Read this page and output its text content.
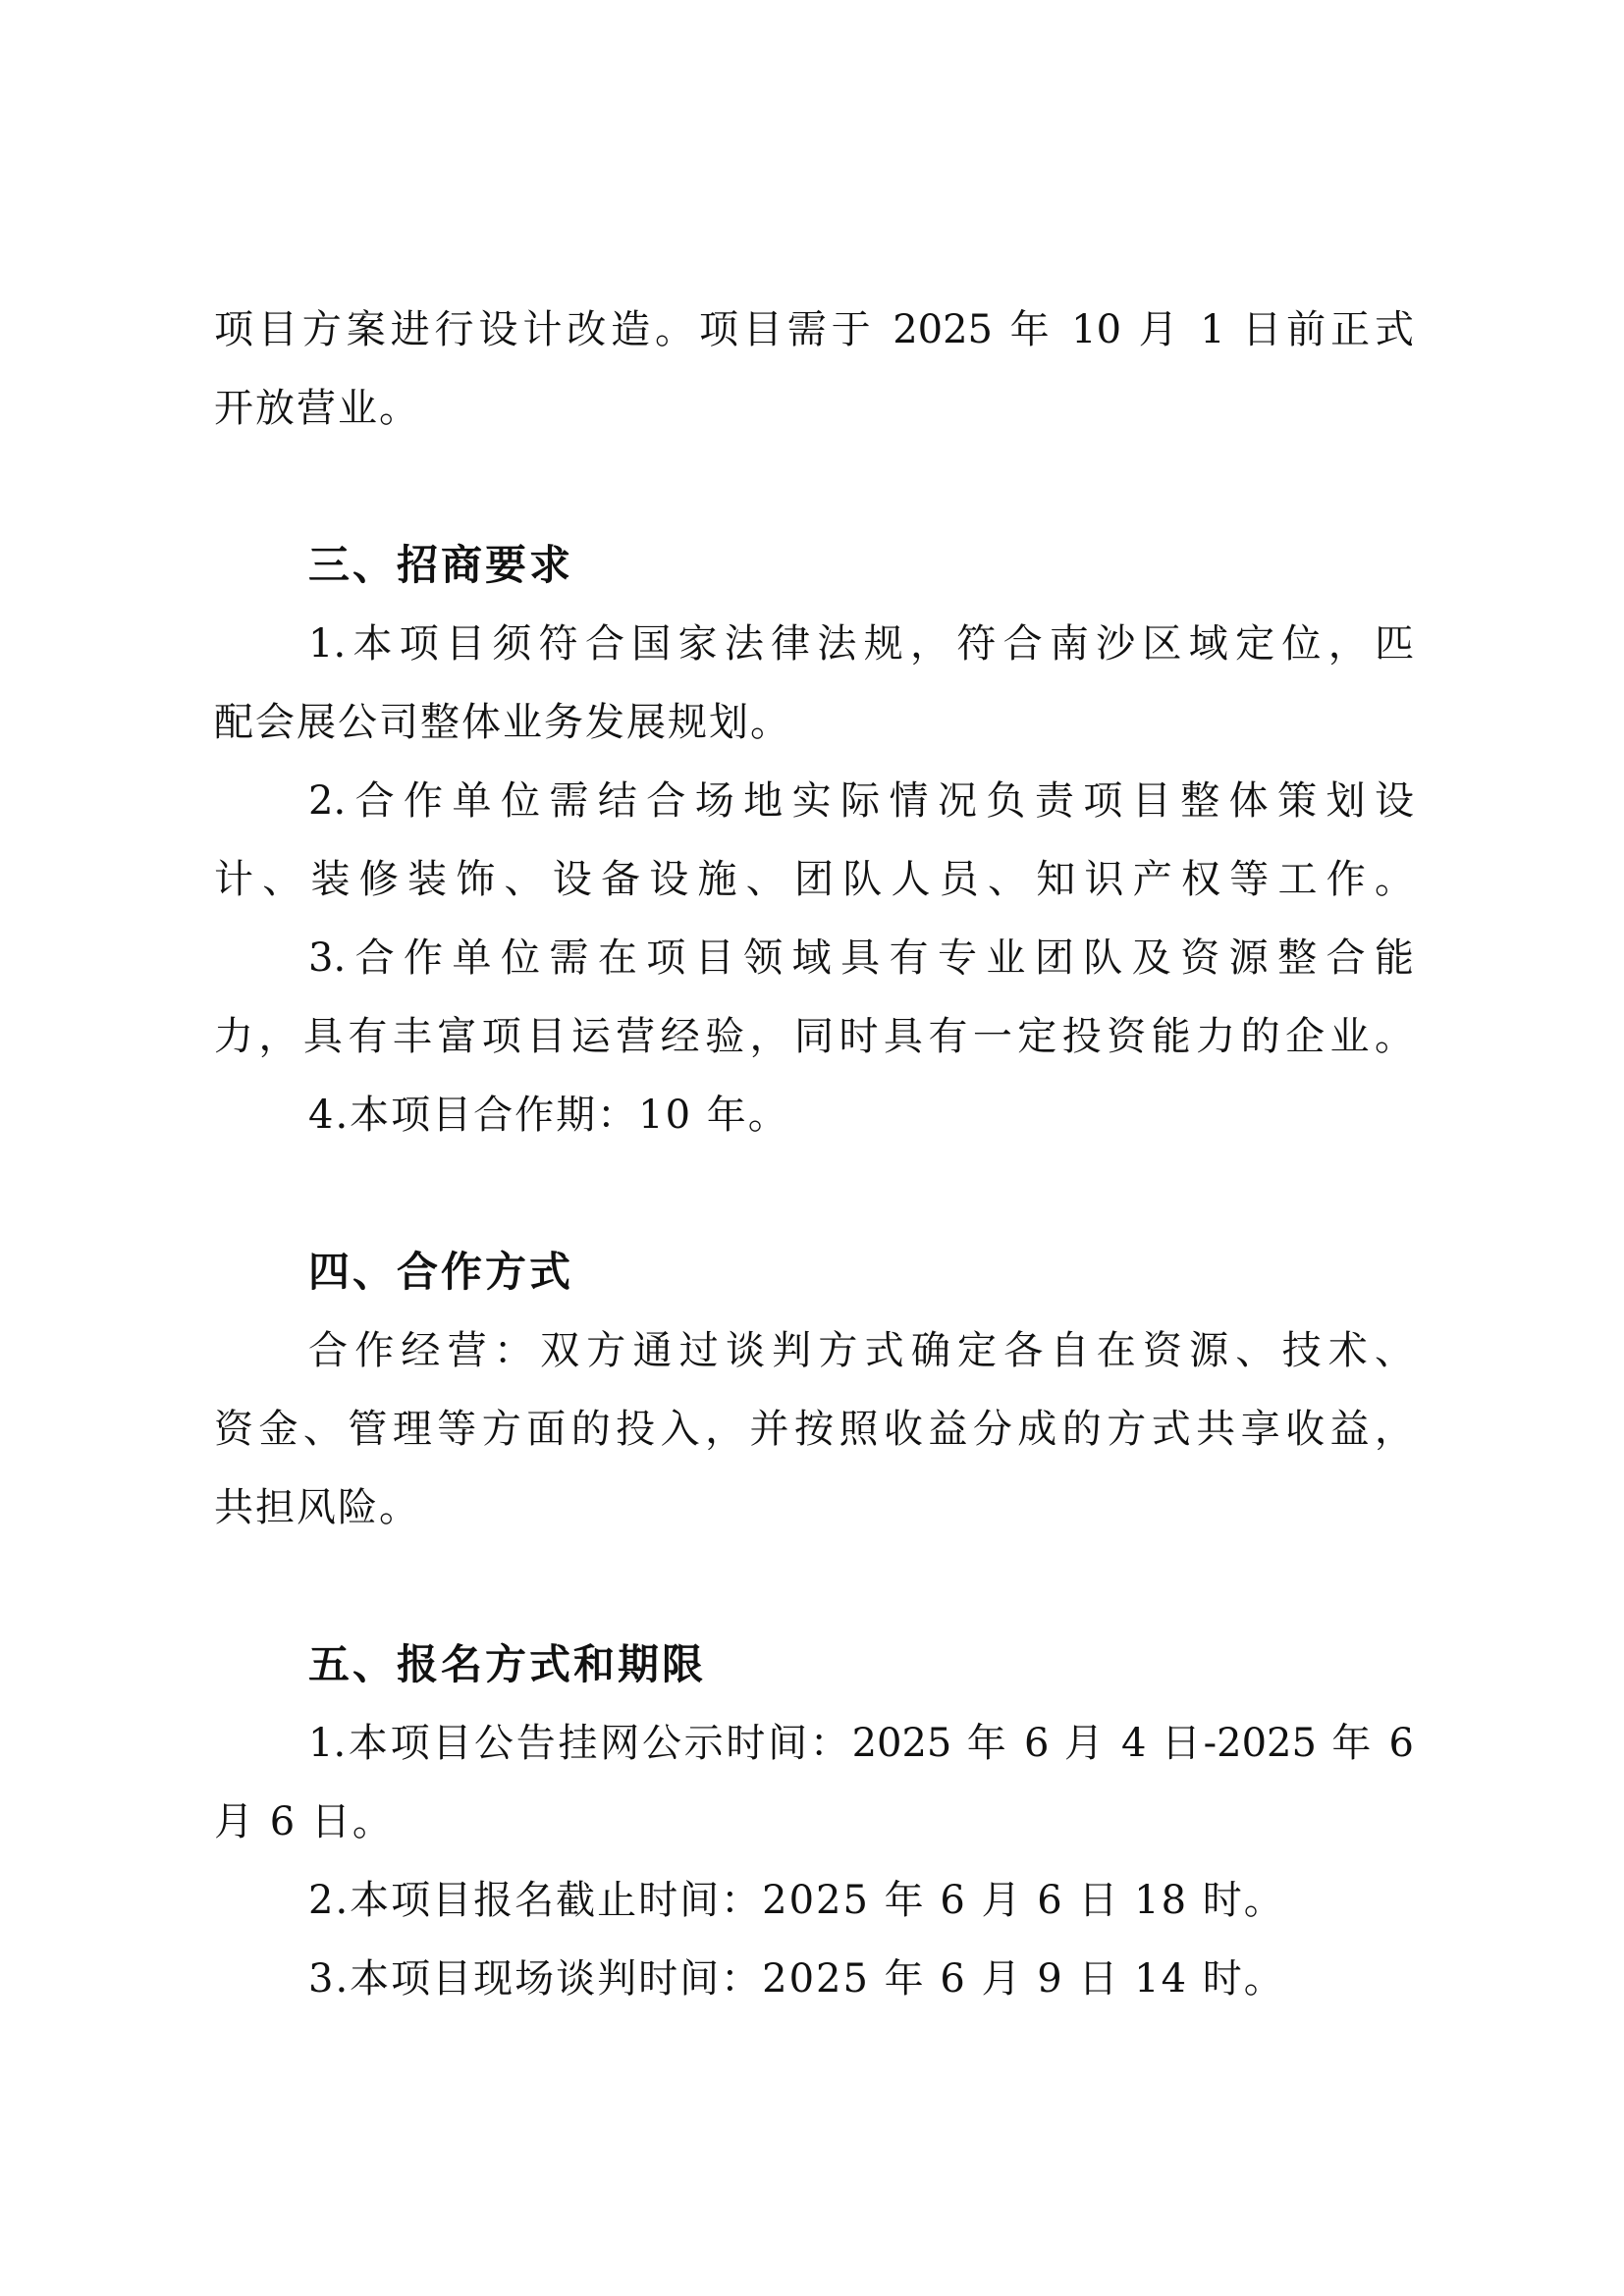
项目方案进行设计改造。项目需于 2025 年 10 月 1 日前正式

开放营业。

三、招商要求

1.本项目须符合国家法律法规，符合南沙区域定位，匹

配会展公司整体业务发展规划。

2.合作单位需结合场地实际情况负责项目整体策划设

计、装修装饰、设备设施、团队人员、知识产权等工作。

3.合作单位需在项目领域具有专业团队及资源整合能

力，具有丰富项目运营经验，同时具有一定投资能力的企业。

4.本项目合作期：10 年。

四、合作方式

合作经营：双方通过谈判方式确定各自在资源、技术、

资金、管理等方面的投入，并按照收益分成的方式共享收益，

共担风险。

五、报名方式和期限

1.本项目公告挂网公示时间：2025 年 6 月 4 日-2025 年 6

月 6 日。

2.本项目报名截止时间：2025 年 6 月 6 日 18 时。

3.本项目现场谈判时间：2025 年 6 月 9 日 14 时。
